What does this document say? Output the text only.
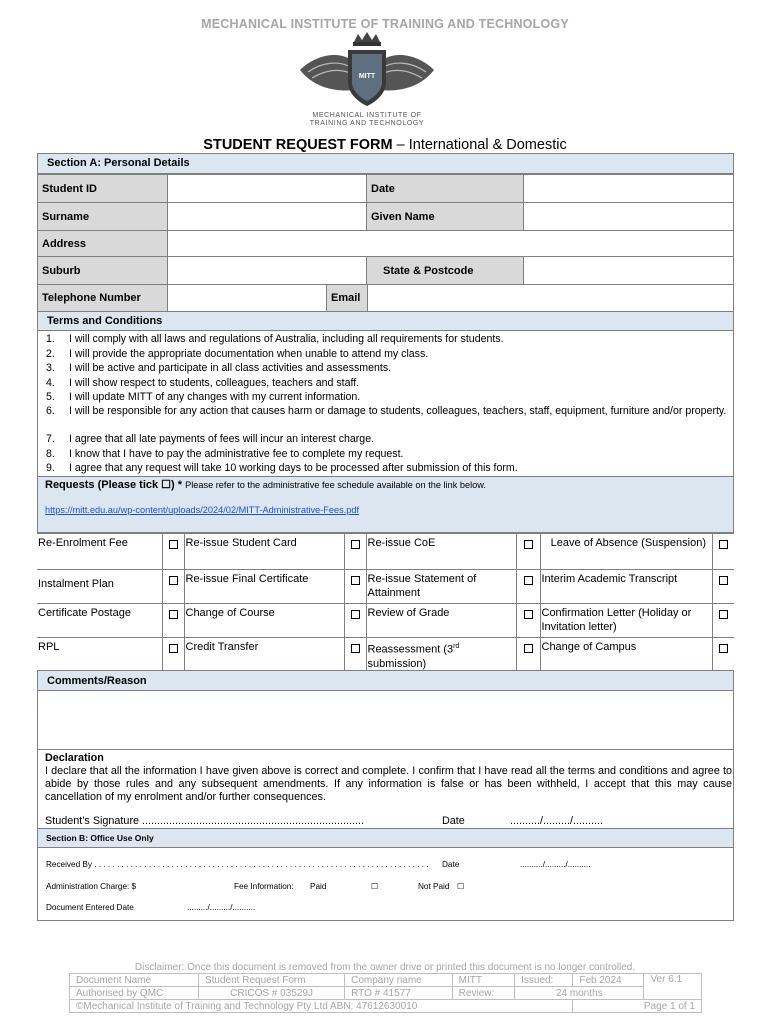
MECHANICAL INSTITUTE OF TRAINING AND TECHNOLOGY
MITT
MECHANICAL INSTITUTE OF
TRAINING AND TECHNOLOGY
STUDENT REQUEST FORM – International & Domestic
Section A: Personal Details
Student ID	Date
Surname	Given Name
Address
Suburb	State & Postcode
Telephone Number	Email
Terms and Conditions
1. I will comply with all laws and regulations of Australia, including all requirements for students.
2. I will provide the appropriate documentation when unable to attend my class.
3. I will be active and participate in all class activities and assessments.
4. I will show respect to students, colleagues, teachers and staff.
5. I will update MITT of any changes with my current information.
6. I will be responsible for any action that causes harm or damage to students, colleagues, teachers, staff, equipment, furniture and/or property.
7. I agree that all late payments of fees will incur an interest charge.
8. I know that I have to pay the administrative fee to complete my request.
9. I agree that any request will take 10 working days to be processed after submission of this form.
Requests (Please tick ☐) * Please refer to the administrative fee schedule available on the link below.
https://mitt.edu.au/wp-content/uploads/2024/02/MITT-Administrative-Fees.pdf
Re-Enrolment Fee		Re-issue Student Card		Re-issue CoE		Leave of Absence (Suspension)	
Instalment Plan		Re-issue Final Certificate		Re-issue Statement of Attainment		Interim Academic Transcript	
Certificate Postage		Change of Course		Review of Grade		Confirmation Letter (Holiday or Invitation letter)	
RPL		Credit Transfer		Reassessment (3rd submission)		Change of Campus	
Comments/Reason
Declaration
I declare that all the information I have given above is correct and complete. I confirm that I have read all the terms and conditions and agree to abide by those rules and any subsequent amendments. If any information is false or has been withheld, I accept that this may cause cancellation of my enrolment and/or further consequences.
Student’s Signature ..........................................................................	Date	........../........./..........
Section B: Office Use Only
Received By . . . . . . . . . . . . . . . . . . . . . . . . . . . . . . . . . . . . . . . . . . . . . . . . . . . . . . . . . . . . . . . . . . . . . . . . . . Date	........../........./..........
Administration Charge: $	Fee Information: Paid	☐	Not Paid ☐
Document Entered Date	........./........./..........
Disclaimer: Once this document is removed from the owner drive or printed this document is no longer controlled.
Document Name	Student Request Form	Company name	MITT	Issued:	Feb 2024	Ver 6.1
Authorised by QMC	CRICOS # 03529J	RTO # 41577	Review:	24 months		
©Mechanical Institute of Training and Technology Pty Ltd ABN: 47612630010					Page 1 of 1	
